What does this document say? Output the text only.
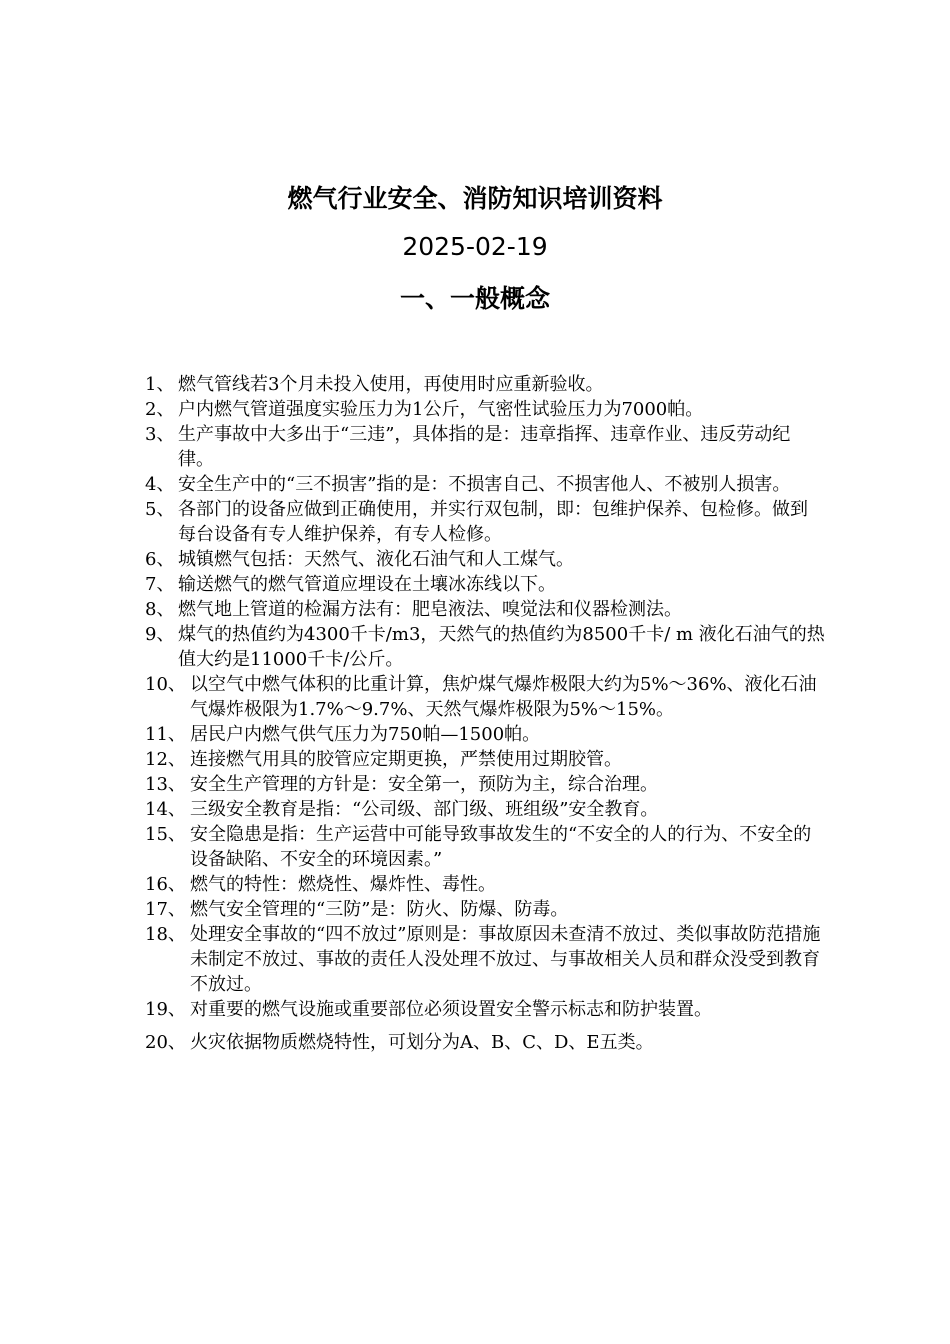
燃气行业安全、消防知识培训资料
2025-02-19
一、一般概念
1、 燃气管线若3个月未投入使用，再使用时应重新验收。
2、 户内燃气管道强度实验压力为1公斤，气密性试验压力为7000帕。
3、 生产事故中大多出于“三违”，具体指的是：违章指挥、违章作业、违反劳动纪律。
4、 安全生产中的“三不损害”指的是：不损害自己、不损害他人、不被别人损害。
5、 各部门的设备应做到正确使用，并实行双包制，即：包维护保养、包检修。做到每台设备有专人维护保养，有专人检修。
6、 城镇燃气包括：天然气、液化石油气和人工煤气。
7、 输送燃气的燃气管道应埋设在土壤冰冻线以下。
8、 燃气地上管道的检漏方法有：肥皂液法、嗅觉法和仪器检测法。
9、 煤气的热值约为4300千卡/m3，天然气的热值约为8500千卡/ m 液化石油气的热值大约是11000千卡/公斤。
10、 以空气中燃气体积的比重计算，焦炉煤气爆炸极限大约为5%～36%、液化石油气爆炸极限为1.7%～9.7%、天然气爆炸极限为5%～15%。
11、 居民户内燃气供气压力为750帕—1500帕。
12、 连接燃气用具的胶管应定期更换，严禁使用过期胶管。
13、 安全生产管理的方针是：安全第一，预防为主，综合治理。
14、 三级安全教育是指：“公司级、部门级、班组级”安全教育。
15、 安全隐患是指：生产运营中可能导致事故发生的“不安全的人的行为、不安全的设备缺陷、不安全的环境因素。”
16、 燃气的特性：燃烧性、爆炸性、毒性。
17、 燃气安全管理的“三防”是：防火、防爆、防毒。
18、 处理安全事故的“四不放过”原则是：事故原因未查清不放过、类似事故防范措施未制定不放过、事故的责任人没处理不放过、与事故相关人员和群众没受到教育不放过。
19、 对重要的燃气设施或重要部位必须设置安全警示标志和防护装置。
20、 火灾依据物质燃烧特性，可划分为A、B、C、D、E五类。
